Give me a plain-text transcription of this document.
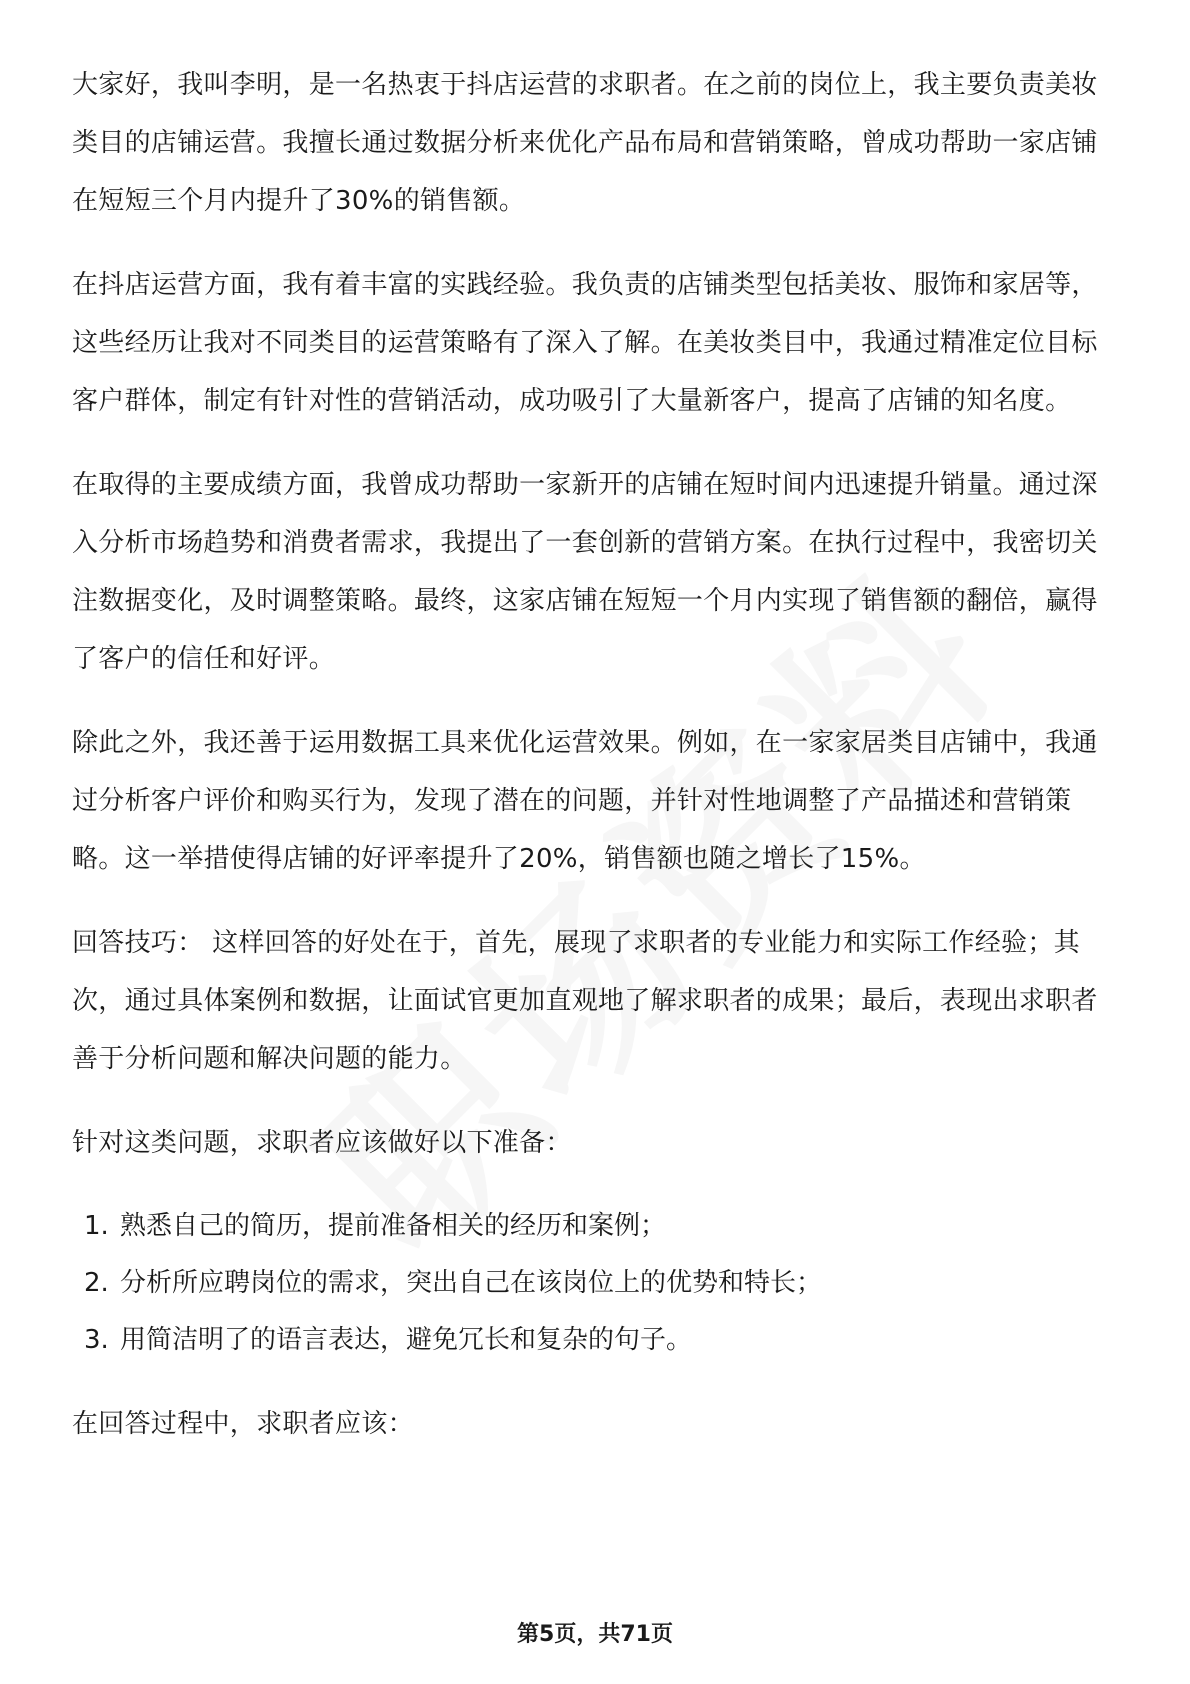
大家好，我叫李明，是一名热衷于抖店运营的求职者。在之前的岗位上，我主要负责美妆类目的店铺运营。我擅长通过数据分析来优化产品布局和营销策略，曾成功帮助一家店铺在短短三个月内提升了30%的销售额。

在抖店运营方面，我有着丰富的实践经验。我负责的店铺类型包括美妆、服饰和家居等，这些经历让我对不同类目的运营策略有了深入了解。在美妆类目中，我通过精准定位目标客户群体，制定有针对性的营销活动，成功吸引了大量新客户，提高了店铺的知名度。

在取得的主要成绩方面，我曾成功帮助一家新开的店铺在短时间内迅速提升销量。通过深入分析市场趋势和消费者需求，我提出了一套创新的营销方案。在执行过程中，我密切关注数据变化，及时调整策略。最终，这家店铺在短短一个月内实现了销售额的翻倍，赢得了客户的信任和好评。

除此之外，我还善于运用数据工具来优化运营效果。例如，在一家家居类目店铺中，我通过分析客户评价和购买行为，发现了潜在的问题，并针对性地调整了产品描述和营销策略。这一举措使得店铺的好评率提升了20%，销售额也随之增长了15%。

回答技巧： 这样回答的好处在于，首先，展现了求职者的专业能力和实际工作经验；其次，通过具体案例和数据，让面试官更加直观地了解求职者的成果；最后，表现出求职者善于分析问题和解决问题的能力。

针对这类问题，求职者应该做好以下准备：

1. 熟悉自己的简历，提前准备相关的经历和案例；
2. 分析所应聘岗位的需求，突出自己在该岗位上的优势和特长；
3. 用简洁明了的语言表达，避免冗长和复杂的句子。

在回答过程中，求职者应该：

第5页，共71页
